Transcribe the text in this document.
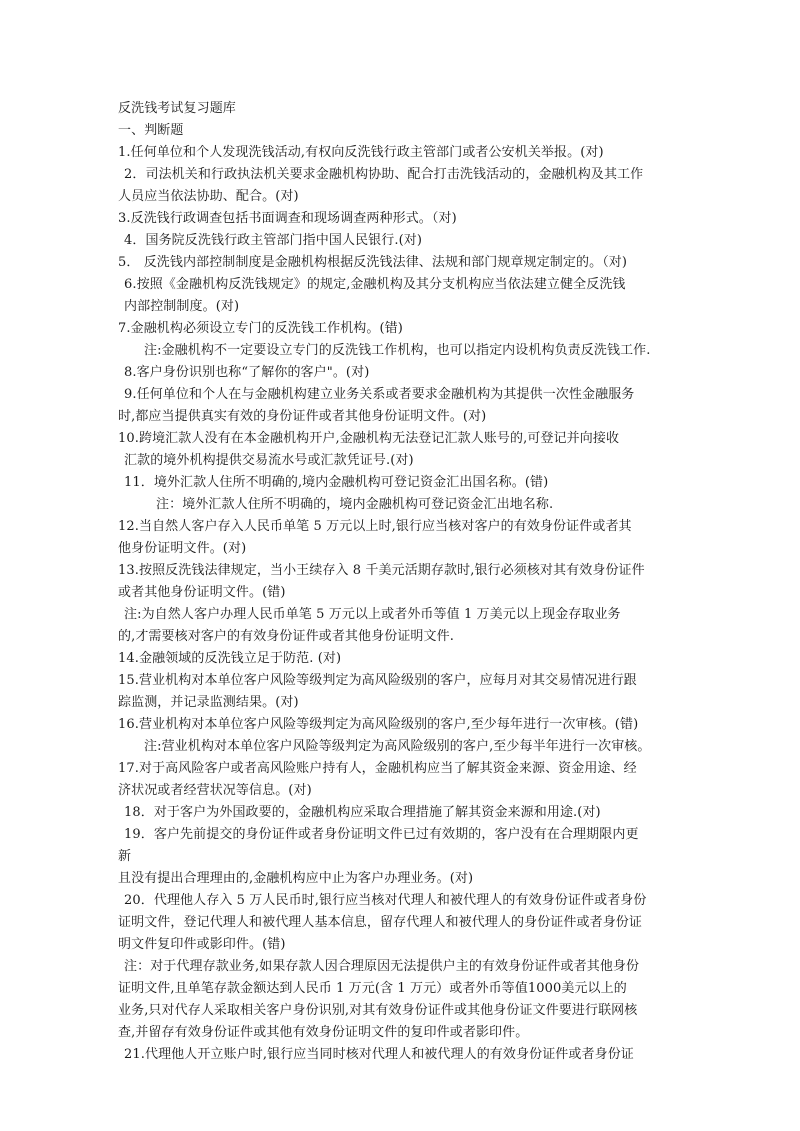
反洗钱考试复习题库
一、判断题
1.任何单位和个人发现洗钱活动,有权向反洗钱行政主管部门或者公安机关举报。(对)
2．司法机关和行政执法机关要求金融机构协助、配合打击洗钱活动的，金融机构及其工作
人员应当依法协助、配合。(对)
3.反洗钱行政调查包括书面调查和现场调查两种形式。（对)
4．国务院反洗钱行政主管部门指中国人民银行.(对)
5． 反洗钱内部控制制度是金融机构根据反洗钱法律、法规和部门规章规定制定的。（对)
6.按照《金融机构反洗钱规定》的规定,金融机构及其分支机构应当依法建立健全反洗钱
内部控制制度。(对)
7.金融机构必须设立专门的反洗钱工作机构。(错)
注:金融机构不一定要设立专门的反洗钱工作机构，也可以指定内设机构负责反洗钱工作.
8.客户身份识别也称“了解你的客户"。(对)
9.任何单位和个人在与金融机构建立业务关系或者要求金融机构为其提供一次性金融服务
时,都应当提供真实有效的身份证件或者其他身份证明文件。(对)
10.跨境汇款人没有在本金融机构开户,金融机构无法登记汇款人账号的,可登记并向接收
汇款的境外机构提供交易流水号或汇款凭证号.(对)
11．境外汇款人住所不明确的,境内金融机构可登记资金汇出国名称。(错)
注：境外汇款人住所不明确的，境内金融机构可登记资金汇出地名称.
12.当自然人客户存入人民币单笔 5 万元以上时,银行应当核对客户的有效身份证件或者其
他身份证明文件。(对)
13.按照反洗钱法律规定，当小王续存入 8 千美元活期存款时,银行必须核对其有效身份证件
或者其他身份证明文件。(错)
注:为自然人客户办理人民币单笔 5 万元以上或者外币等值 1 万美元以上现金存取业务
的,才需要核对客户的有效身份证件或者其他身份证明文件.
14.金融领域的反洗钱立足于防范. (对)
15.营业机构对本单位客户风险等级判定为高风险级别的客户，应每月对其交易情况进行跟
踪监测，并记录监测结果。(对)
16.营业机构对本单位客户风险等级判定为高风险级别的客户,至少每年进行一次审核。(错)
注:营业机构对本单位客户风险等级判定为高风险级别的客户,至少每半年进行一次审核。
17.对于高风险客户或者高风险账户持有人，金融机构应当了解其资金来源、资金用途、经
济状况或者经营状况等信息。(对)
18．对于客户为外国政要的，金融机构应采取合理措施了解其资金来源和用途.(对)
19．客户先前提交的身份证件或者身份证明文件已过有效期的，客户没有在合理期限内更
新
且没有提出合理理由的,金融机构应中止为客户办理业务。(对)
20．代理他人存入 5 万人民币时,银行应当核对代理人和被代理人的有效身份证件或者身份
证明文件，登记代理人和被代理人基本信息，留存代理人和被代理人的身份证件或者身份证
明文件复印件或影印件。(错)
注：对于代理存款业务,如果存款人因合理原因无法提供户主的有效身份证件或者其他身份
证明文件,且单笔存款金额达到人民币 1 万元(含 1 万元）或者外币等值1000美元以上的
业务,只对代存人采取相关客户身份识别,对其有效身份证件或其他身份证文件要进行联网核
查,并留存有效身份证件或其他有效身份证明文件的复印件或者影印件。
21.代理他人开立账户时,银行应当同时核对代理人和被代理人的有效身份证件或者身份证
